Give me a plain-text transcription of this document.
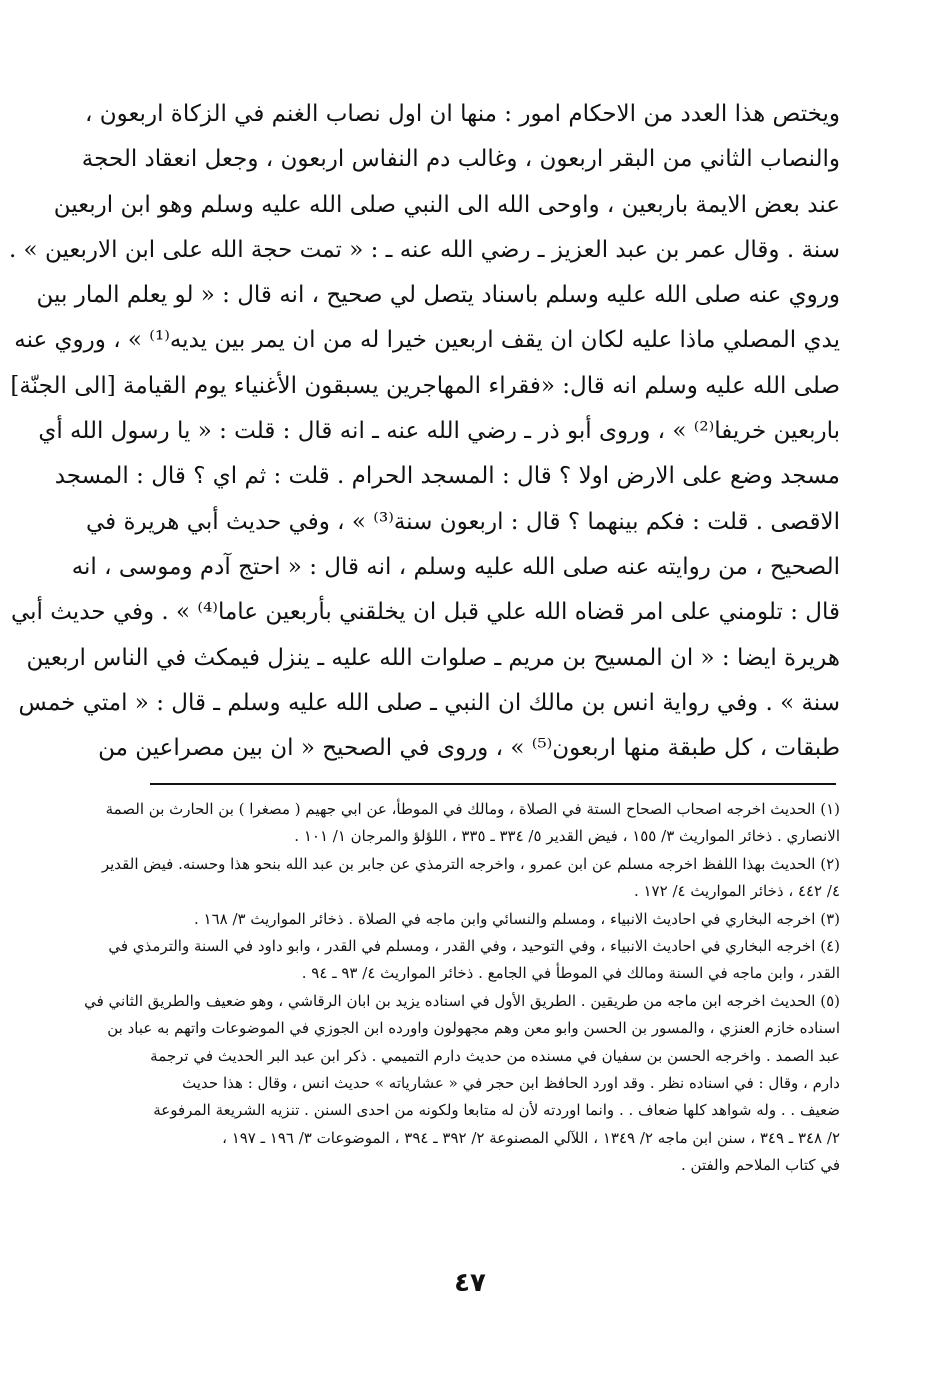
ويختص هذا العدد من الاحكام امور : منها ان اول نصاب الغنم في الزكاة اربعون ،
والنصاب الثاني من البقر اربعون ، وغالب دم النفاس اربعون ، وجعل انعقاد الحجة
عند بعض الايمة باربعين ، واوحى الله الى النبي صلى الله عليه وسلم وهو ابن اربعين
سنة . وقال عمر بن عبد العزيز ـ رضي الله عنه ـ : « تمت حجة الله على ابن الاربعين » .
وروي عنه صلى الله عليه وسلم باسناد يتصل لي صحيح ، انه قال : « لو يعلم المار بين
يدي المصلي ماذا عليه لكان ان يقف اربعين خيرا له من ان يمر بين يديه⁽¹⁾ » ، وروي عنه
صلى الله عليه وسلم انه قال: «فقراء المهاجرين يسبقون الأغنياء يوم القيامة [الى الجنّة]
باربعين خريفا⁽²⁾ » ، وروى أبو ذر ـ رضي الله عنه ـ انه قال : قلت : « يا رسول الله أي
مسجد وضع على الارض اولا ؟ قال : المسجد الحرام . قلت : ثم اي ؟ قال : المسجد
الاقصى . قلت : فكم بينهما ؟ قال : اربعون سنة⁽³⁾ » ، وفي حديث أبي هريرة في
الصحيح ، من روايته عنه صلى الله عليه وسلم ، انه قال : « احتج آدم وموسى ، انه
قال : تلومني على امر قضاه الله علي قبل ان يخلقني بأربعين عاما⁽⁴⁾ » . وفي حديث أبي
هريرة ايضا : « ان المسيح بن مريم ـ صلوات الله عليه ـ ينزل فيمكث في الناس اربعين
سنة » . وفي رواية انس بن مالك ان النبي ـ صلى الله عليه وسلم ـ قال : « امتي خمس
طبقات ، كل طبقة منها اربعون⁽⁵⁾ » ، وروى في الصحيح « ان بين مصراعين من
(١) الحديث اخرجه اصحاب الصحاح الستة في الصلاة ، ومالك في الموطأ، عن ابي جهيم ( مصغرا ) بن الحارث بن الصمة
الانصاري . ذخائر المواريث ٣/ ١٥٥ ، فيض القدير ٥/ ٣٣٤ ـ ٣٣٥ ، اللؤلؤ والمرجان ١/ ١٠١ .
(٢) الحديث بهذا اللفظ اخرجه مسلم عن ابن عمرو ، واخرجه الترمذي عن جابر بن عبد الله بنحو هذا وحسنه. فيض القدير
٤/ ٤٤٢ ، ذخائر المواريث ٤/ ١٧٢ .
(٣) اخرجه البخاري في احاديث الانبياء ، ومسلم والنسائي وابن ماجه في الصلاة . ذخائر المواريث ٣/ ١٦٨ .
(٤) اخرجه البخاري في احاديث الانبياء ، وفي التوحيد ، وفي القدر ، ومسلم في القدر ، وابو داود في السنة والترمذي في
القدر ، وابن ماجه في السنة ومالك في الموطأ في الجامع . ذخائر المواريث ٤/ ٩٣ ـ ٩٤ .
(٥) الحديث اخرجه ابن ماجه من طريقين . الطريق الأول في اسناده يزيد بن ابان الرقاشي ، وهو ضعيف والطريق الثاني في
اسناده خازم العنزي ، والمسور بن الحسن وابو معن وهم مجهولون واورده ابن الجوزي في الموضوعات واتهم به عباد بن
عبد الصمد . واخرجه الحسن بن سفيان في مسنده من حديث دارم التميمي . ذكر ابن عبد البر الحديث في ترجمة
دارم ، وقال : في اسناده نظر . وقد اورد الحافظ ابن حجر في « عشارياته » حديث انس ، وقال : هذا حديث
ضعيف . . وله شواهد كلها ضعاف . . وانما اوردته لأن له متابعا ولكونه من احدى السنن . تنزيه الشريعة المرفوعة
٢/ ٣٤٨ ـ ٣٤٩ ، سنن ابن ماجه ٢/ ١٣٤٩ ، اللآلي المصنوعة ٢/ ٣٩٢ ـ ٣٩٤ ، الموضوعات ٣/ ١٩٦ ـ ١٩٧ ،
في كتاب الملاحم والفتن .
٤٧
